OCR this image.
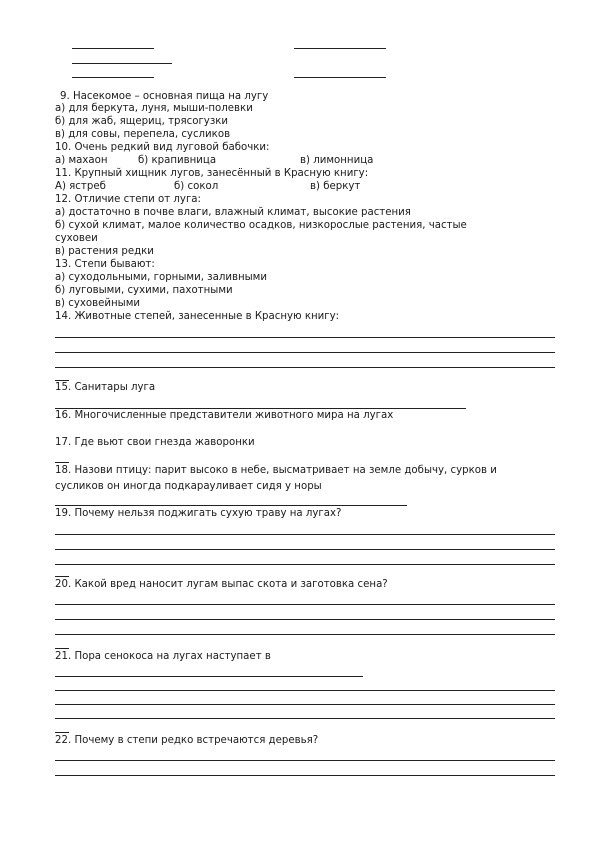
9. Насекомое – основная пища на лугу
а) для беркута, луня, мыши-полевки
б) для жаб, ящериц, трясогузки
в) для совы, перепела, сусликов
10. Очень редкий вид луговой бабочки:
а) махаон	б) крапивница	в) лимонница
11. Крупный хищник лугов, занесённый в Красную книгу:
А) ястреб	б) сокол	в) беркут
12. Отличие степи от луга:
а) достаточно в почве влаги, влажный климат, высокие растения
б) сухой климат, малое количество осадков, низкорослые растения, частые
суховеи
в) растения редки
13. Степи бывают:
а) суходольными, горными, заливными
б) луговыми, сухими, пахотными
в) суховейными
14. Животные степей, занесенные в Красную книгу:
15. Санитары луга
16. Многочисленные представители животного мира на лугах
17. Где вьют свои гнезда жаворонки
18. Назови птицу: парит высоко в небе, высматривает на земле добычу, сурков и
сусликов он иногда подкарауливает сидя у норы
19. Почему нельзя поджигать сухую траву на лугах?
20. Какой вред наносит лугам выпас скота и заготовка сена?
21. Пора сенокоса на лугах наступает в
22. Почему в степи редко встречаются деревья?
